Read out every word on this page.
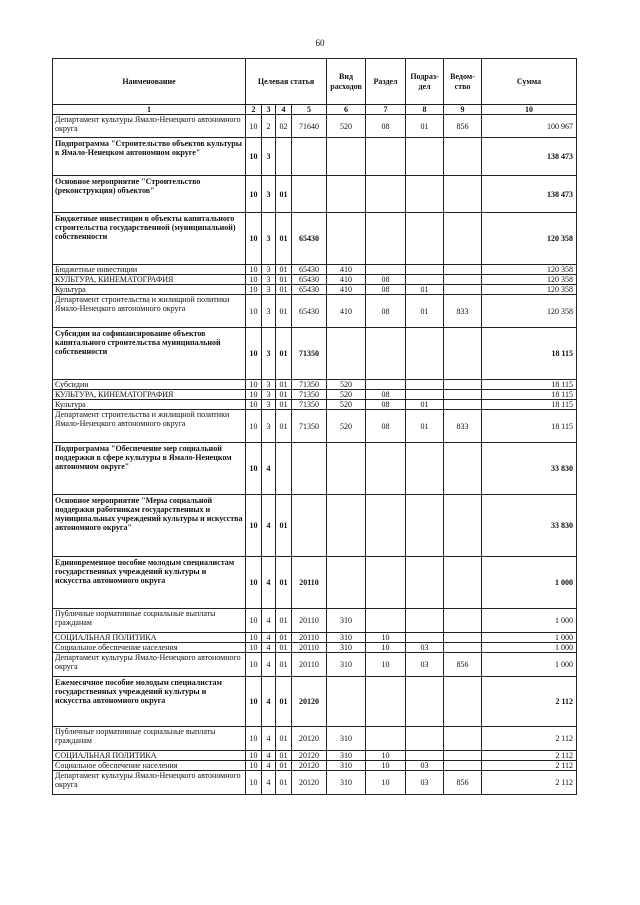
60
Наименование	Целевая статья				Вид расходов	Раздел	Подраз-дел	Ведом-ство	Сумма
1	2	3	4	5	6	7	8	9	10
Департамент культуры Ямало-Ненецкого автономного округа	10	2	02	71640	520	08	01	856	100 967
Подпрограмма "Строительство объектов культуры в Ямало-Ненецком автономном округе"	10	3							138 473
Основное мероприятие "Строительство (реконструкция) объектов"	10	3	01						138 473
Бюджетные инвестиции в объекты капитального строительства государственной (муниципальной) собственности	10	3	01	65430					120 358
Бюджетные инвестиции	10	3	01	65430	410				120 358
КУЛЬТУРА, КИНЕМАТОГРАФИЯ	10	3	01	65430	410	08			120 358
Культура	10	3	01	65430	410	08	01		120 358
Департамент строительства и жилищной политики Ямало-Ненецкого автономного округа	10	3	01	65430	410	08	01	833	120 358
Субсидии на софинансирование объектов капитального строительства муниципальной собственности	10	3	01	71350					18 115
Субсидии	10	3	01	71350	520				18 115
КУЛЬТУРА, КИНЕМАТОГРАФИЯ	10	3	01	71350	520	08			18 115
Культура	10	3	01	71350	520	08	01		18 115
Департамент строительства и жилищной политики Ямало-Ненецкого автономного округа	10	3	01	71350	520	08	01	833	18 115
Подпрограмма "Обеспечение мер социальной поддержки в сфере культуры в Ямало-Ненецком автономном округе"	10	4							33 830
Основное мероприятие "Меры социальной поддержки работникам государственных и муниципальных учреждений культуры и искусства автономного округа"	10	4	01						33 830
Единовременное пособие молодым специалистам государственных учреждений культуры и искусства автономного округа	10	4	01	20110					1 000
Публичные нормативные социальные выплаты гражданам	10	4	01	20110	310				1 000
СОЦИАЛЬНАЯ ПОЛИТИКА	10	4	01	20110	310	10			1 000
Социальное обеспечение населения	10	4	01	20110	310	10	03		1 000
Департамент культуры Ямало-Ненецкого автономного округа	10	4	01	20110	310	10	03	856	1 000
Ежемесячное пособие молодым специалистам государственных учреждений культуры и искусства автономного округа	10	4	01	20120					2 112
Публичные нормативные социальные выплаты гражданам	10	4	01	20120	310				2 112
СОЦИАЛЬНАЯ ПОЛИТИКА	10	4	01	20120	310	10			2 112
Социальное обеспечение населения	10	4	01	20120	310	10	03		2 112
Департамент культуры Ямало-Ненецкого автономного округа	10	4	01	20120	310	10	03	856	2 112
